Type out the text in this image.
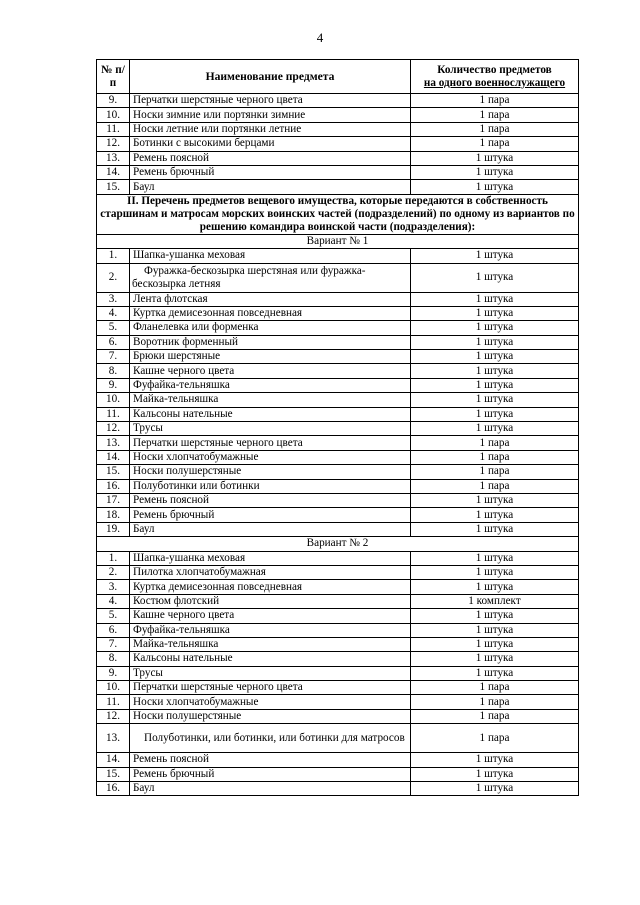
4
№ п/п	Наименование предмета	Количество предметов
на одного военнослужащего
9.	Перчатки шерстяные черного цвета	1 пара
10.	Носки зимние или портянки зимние	1 пара
11.	Носки летние или портянки летние	1 пара
12.	Ботинки с высокими берцами	1 пара
13.	Ремень поясной	1 штука
14.	Ремень брючный	1 штука
15.	Баул	1 штука
II. Перечень предметов вещевого имущества, которые передаются в собственность старшинам и матросам морских воинских частей (подразделений) по одному из вариантов по решению командира воинской части (подразделения):		
Вариант № 1		
1.	Шапка-ушанка меховая	1 штука
2.	Фуражка-бескозырка шерстяная или фуражка-бескозырка летняя	1 штука
3.	Лента флотская	1 штука
4.	Куртка демисезонная повседневная	1 штука
5.	Фланелевка или форменка	1 штука
6.	Воротник форменный	1 штука
7.	Брюки шерстяные	1 штука
8.	Кашне черного цвета	1 штука
9.	Фуфайка-тельняшка	1 штука
10.	Майка-тельняшка	1 штука
11.	Кальсоны нательные	1 штука
12.	Трусы	1 штука
13.	Перчатки шерстяные черного цвета	1 пара
14.	Носки хлопчатобумажные	1 пара
15.	Носки полушерстяные	1 пара
16.	Полуботинки или ботинки	1 пара
17.	Ремень поясной	1 штука
18.	Ремень брючный	1 штука
19.	Баул	1 штука
Вариант № 2		
1.	Шапка-ушанка меховая	1 штука
2.	Пилотка хлопчатобумажная	1 штука
3.	Куртка демисезонная повседневная	1 штука
4.	Костюм флотский	1 комплект
5.	Кашне черного цвета	1 штука
6.	Фуфайка-тельняшка	1 штука
7.	Майка-тельняшка	1 штука
8.	Кальсоны нательные	1 штука
9.	Трусы	1 штука
10.	Перчатки шерстяные черного цвета	1 пара
11.	Носки хлопчатобумажные	1 пара
12.	Носки полушерстяные	1 пара
13.	Полуботинки, или ботинки, или ботинки для матросов	1 пара
14.	Ремень поясной	1 штука
15.	Ремень брючный	1 штука
16.	Баул	1 штука
